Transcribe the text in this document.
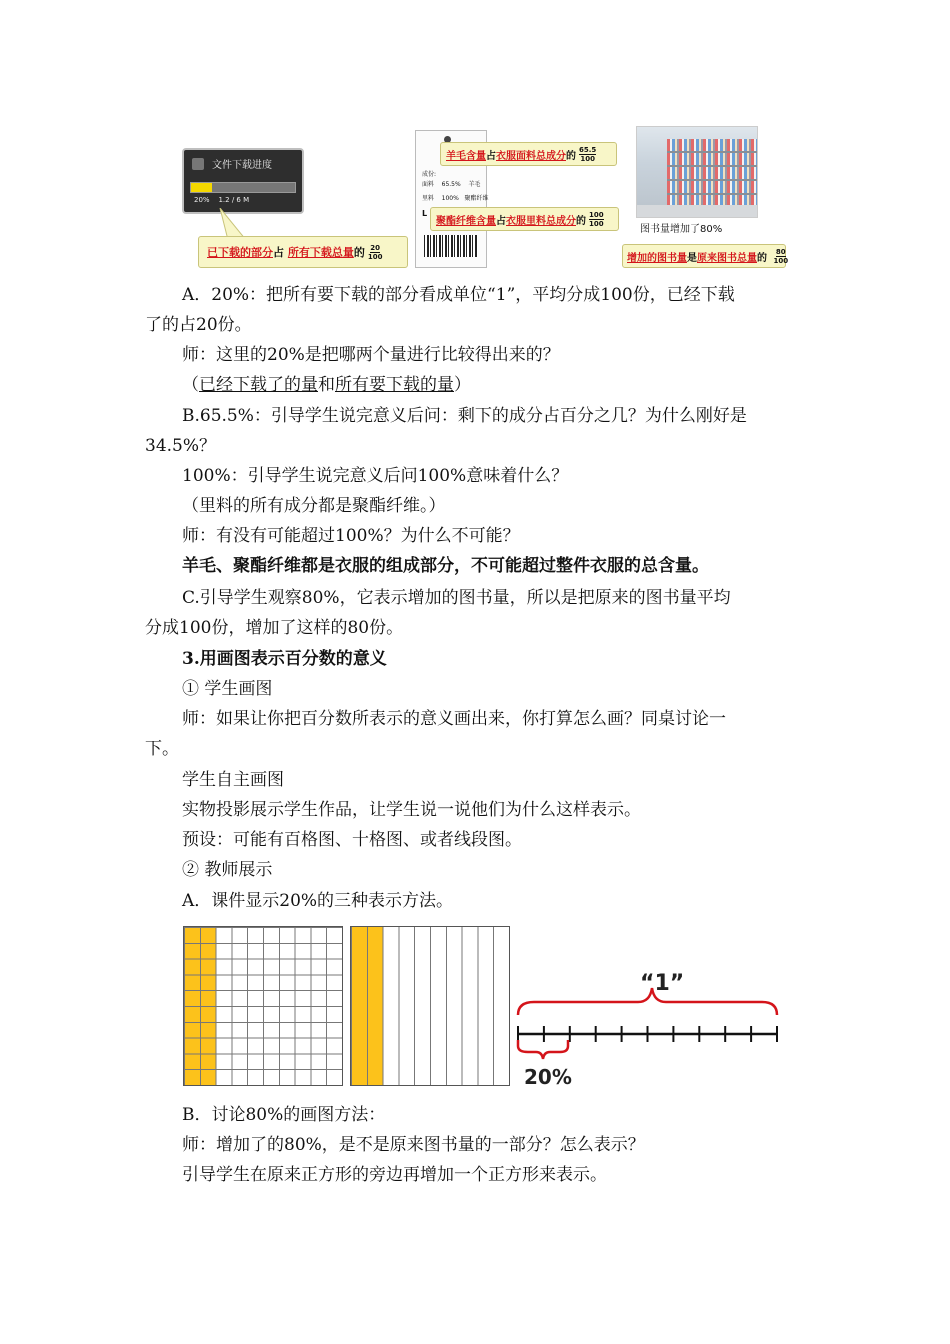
文件下载进度
20%    1.2 / 6 M
已下载的部分 占
所有下载总量 的 $\frac{20}{100}$
成份:
面料    65.5%    羊毛
里料    100%   聚酯纤维
L
羊毛含量 占 衣服面料总成分 的 $\frac{65.5}{100}$
聚酯纤维含量 占 衣服里料总成分 的 $\frac{100}{100}$
图书量增加了80%
增加的图书量 是 原来图书总量 的
$\frac{80}{100}$
A．20%：把所有要下载的部分看成单位“1”，平均分成100份，已经下载
了的占20份。
师：这里的20%是把哪两个量进行比较得出来的？
（已经下载了的量和所有要下载的量）
B.65.5%：引导学生说完意义后问：剩下的成分占百分之几？为什么刚好是
34.5%？
100%：引导学生说完意义后问100%意味着什么？
（里料的所有成分都是聚酯纤维。）
师：有没有可能超过100%？为什么不可能？
羊毛、聚酯纤维都是衣服的组成部分，不可能超过整件衣服的总含量。
C.引导学生观察80%，它表示增加的图书量，所以是把原来的图书量平均
分成100份，增加了这样的80份。
3.用画图表示百分数的意义
① 学生画图
师：如果让你把百分数所表示的意义画出来，你打算怎么画？同桌讨论一
下。
学生自主画图
实物投影展示学生作品，让学生说一说他们为什么这样表示。
预设：可能有百格图、十格图、或者线段图。
② 教师展示
A．课件显示20%的三种表示方法。
“1”
20%
B．讨论80%的画图方法：
师：增加了的80%，是不是原来图书量的一部分？怎么表示？
引导学生在原来正方形的旁边再增加一个正方形来表示。
